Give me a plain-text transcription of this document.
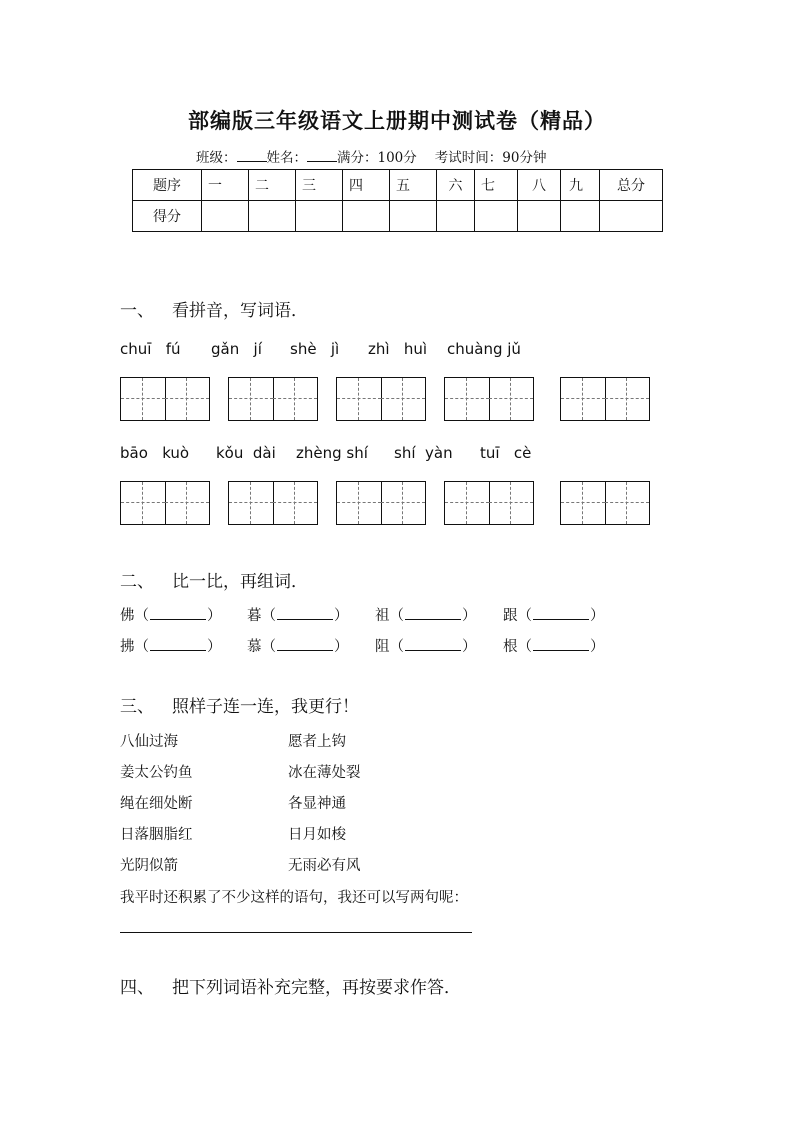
部编版三年级语文上册期中测试卷（精品）
班级： 姓名： 满分：100分 考试时间：90分钟
题序	一	二	三	四	五	六	七	八	九	总分
得分										
一、 看拼音，写词语．
chuī   fú gǎn   jí shè   jì zhì   huì chuàng jǔ
bāo   kuò kǒu  dài zhèng shí shí  yàn tuī   cè
二、 比一比，再组词．
佛（	） 暮（	） 祖（	） 跟（	）
拂（	） 慕（	） 阻（	） 根（	）
三、 照样子连一连，我更行！
八仙过海
姜太公钓鱼
绳在细处断
日落胭脂红
光阴似箭
愿者上钩
冰在薄处裂
各显神通
日月如梭
无雨必有风
我平时还积累了不少这样的语句，我还可以写两句呢：
四、 把下列词语补充完整，再按要求作答．
